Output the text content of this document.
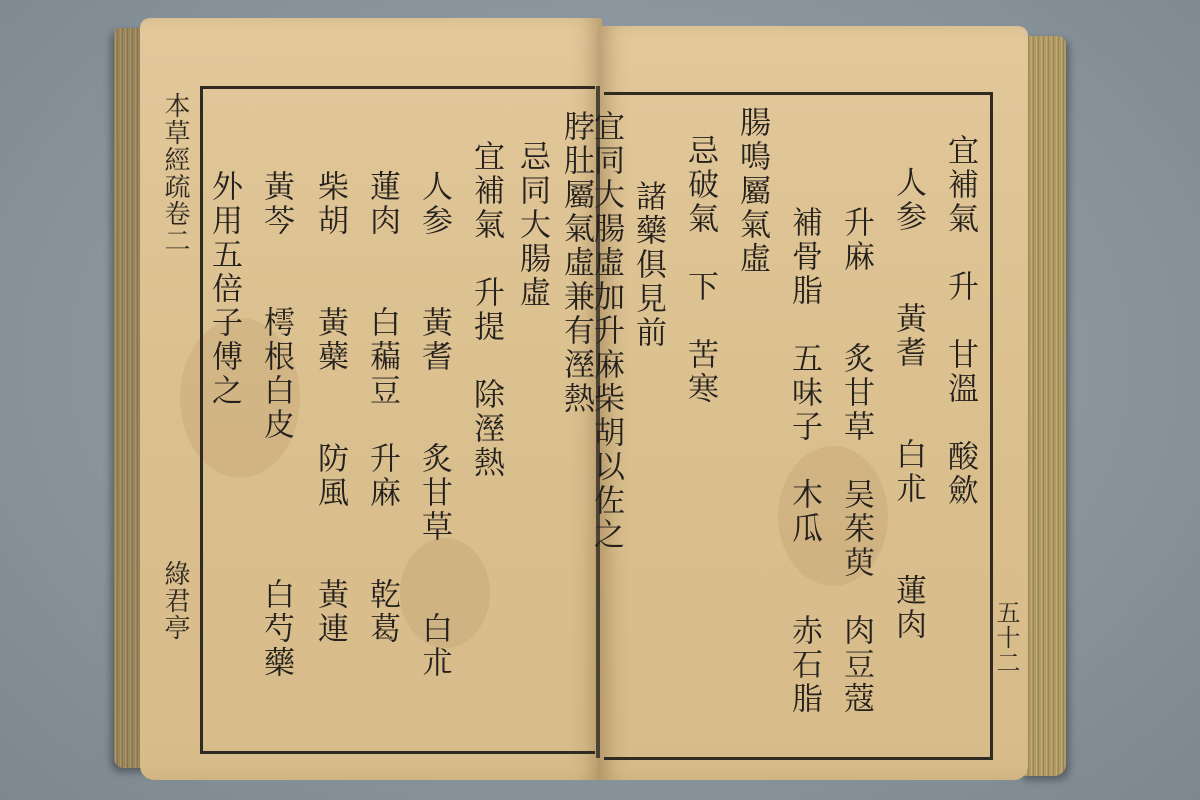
本草經疏卷二
綠君亭
脖肚屬氣虛兼有溼熱
忌同大腸虛
宜補氣　升提　除溼熱
人参　　黃耆　　炙甘草　　白朮
蓮肉　　白藊豆　升麻　　乾葛
柴胡　　黃蘗　　防風　　黃連
黃芩　　樗根白皮　　　　白芍藥
外用五倍子傅之	宜補氣　升　甘溫　酸歛
人参　　黃耆　　白朮　　蓮肉
升麻　　炙甘草　吴茱萸　肉豆蔻
補骨脂　五味子　木瓜　　赤石脂
腸鳴屬氣虛
忌破氣　下　苦寒
諸藥俱見前
宜同大腸虛加升麻柴胡以佐之
五十二
